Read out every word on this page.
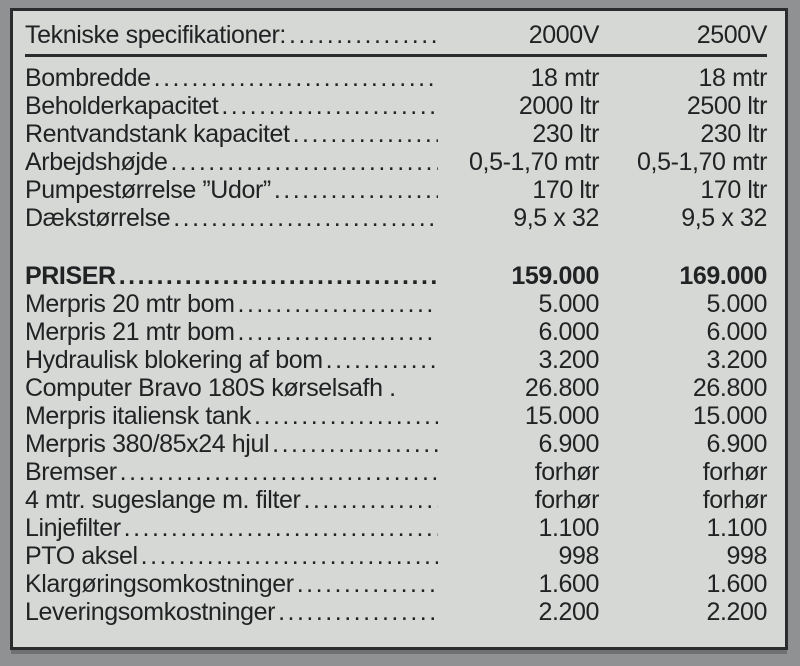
Tekniske specifikationer: .....	2000V	2500V
Bombredde .....	18 mtr	18 mtr
Beholderkapacitet .....	2000 ltr	2500 ltr
Rentvandstank kapacitet .....	230 ltr	230 ltr
Arbejdshøjde .....	0,5-1,70 mtr	0,5-1,70 mtr
Pumpestørrelse ”Udor” .....	170 ltr	170 ltr
Dækstørrelse .....	9,5 x 32	9,5 x 32
PRISER .....	159.000	169.000
Merpris 20 mtr bom .....	5.000	5.000
Merpris 21 mtr bom .....	6.000	6.000
Hydraulisk blokering af bom .....	3.200	3.200
Computer Bravo 180S kørselsafh .	26.800	26.800
Merpris italiensk tank .....	15.000	15.000
Merpris 380/85x24 hjul .....	6.900	6.900
Bremser .....	forhør	forhør
4 mtr. sugeslange m. filter .....	forhør	forhør
Linjefilter .....	1.100	1.100
PTO aksel .....	998	998
Klargøringsomkostninger .....	1.600	1.600
Leveringsomkostninger .....	2.200	2.200
